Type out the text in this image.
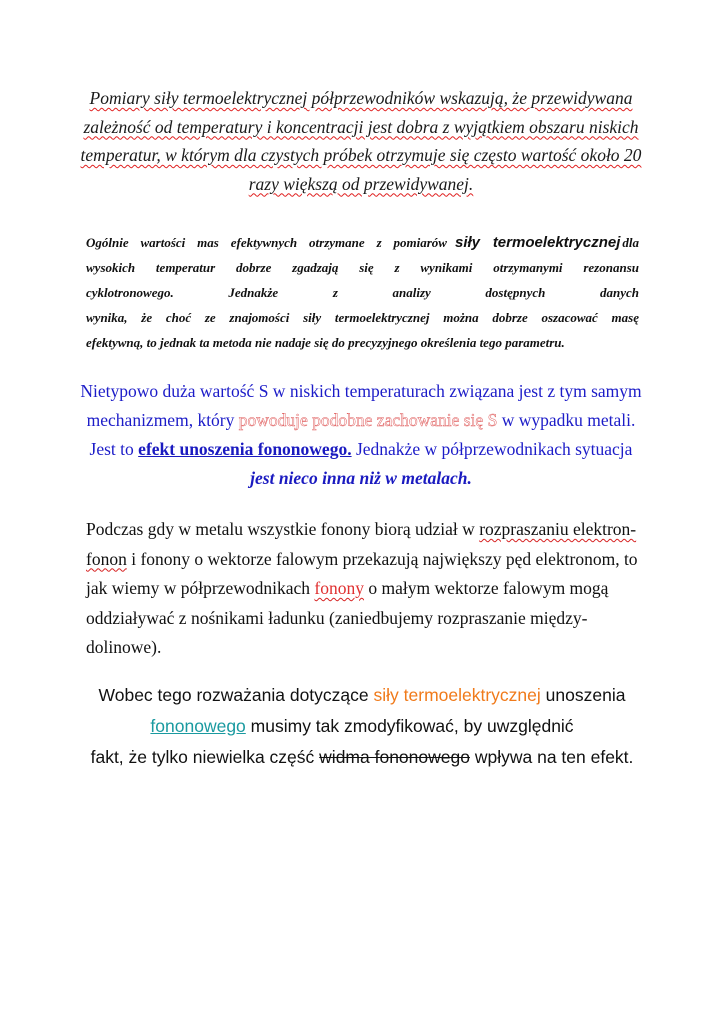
Pomiary siły termoelektrycznej półprzewodników wskazują, że przewidywana zależność od temperatury i koncentracji jest dobra z wyjątkiem obszaru niskich temperatur, w którym dla czystych próbek otrzymuje się często wartość około 20 razy większą od przewidywanej.

Ogólnie wartości mas efektywnych otrzymane z pomiarów siły termoelektrycznej dla
wysokich temperatur dobrze zgadzają się z wynikami otrzymanymi rezonansu
cyklotronowego. Jednakże z analizy dostępnych danych
wynika, że choć ze znajomości siły termoelektrycznej można dobrze oszacować masę
efektywną, to jednak ta metoda nie nadaje się do precyzyjnego określenia tego parametru.

Nietypowo duża wartość S w niskich temperaturach związana jest z tym samym mechanizmem, który powoduje podobne zachowanie się S w wypadku metali.
Jest to efekt unoszenia fononowego. Jednakże w półprzewodnikach sytuacja
jest nieco inna niż w metalach.

Podczas gdy w metalu wszystkie fonony biorą udział w rozpraszaniu elektron-fonon i fonony o wektorze falowym przekazują największy pęd elektronom, to jak wiemy w półprzewodnikach fonony o małym wektorze falowym mogą oddziaływać z nośnikami ładunku (zaniedbujemy rozpraszanie między-dolinowe).

Wobec tego rozważania dotyczące siły termoelektrycznej unoszenia
fononowego musimy tak zmodyfikować, by uwzględnić
fakt, że tylko niewielka część widma fononowego wpływa na ten efekt.
